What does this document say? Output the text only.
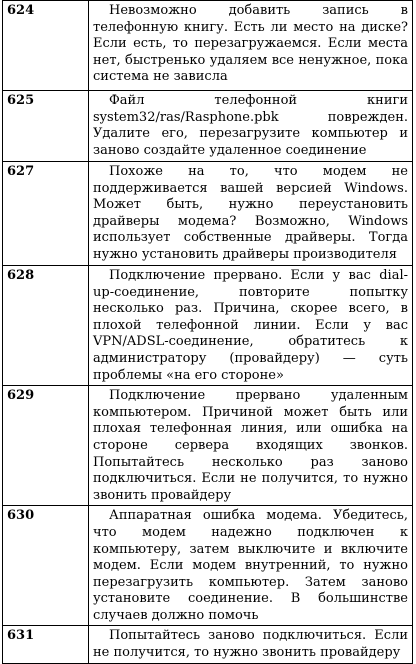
624	Невозможно добавить запись в телефонную книгу. Есть ли место на диске? Если есть, то перезагружаемся. Если места нет, быстренько удаляем все ненужное, пока система не зависла
625	Файл телефонной книги system32/ras/Rasphone.pbk поврежден. Удалите его, перезагрузите компьютер и заново создайте удаленное соединение
627	Похоже на то, что модем не поддерживается вашей версией Windows. Может быть, нужно переустановить драйверы модема? Возможно, Windows использует собственные драйверы. Тогда нужно установить драйверы производителя
628	Подключение прервано. Если у вас dial-up-соединение, повторите попытку несколько раз. Причина, скорее всего, в плохой телефонной линии. Если у вас VPN/ADSL-соединение, обратитесь к администратору (провайдеру) — суть проблемы «на его стороне»
629	Подключение прервано удаленным компьютером. Причиной может быть или плохая телефонная линия, или ошибка на стороне сервера входящих звонков. Попытайтесь несколько раз заново подключиться. Если не получится, то нужно звонить провайдеру
630	Аппаратная ошибка модема. Убедитесь, что модем надежно подключен к компьютеру, затем выключите и включите модем. Если модем внутренний, то нужно перезагрузить компьютер. Затем заново установите соединение. В большинстве случаев должно помочь
631	Попытайтесь заново подключиться. Если не получится, то нужно звонить провайдеру
